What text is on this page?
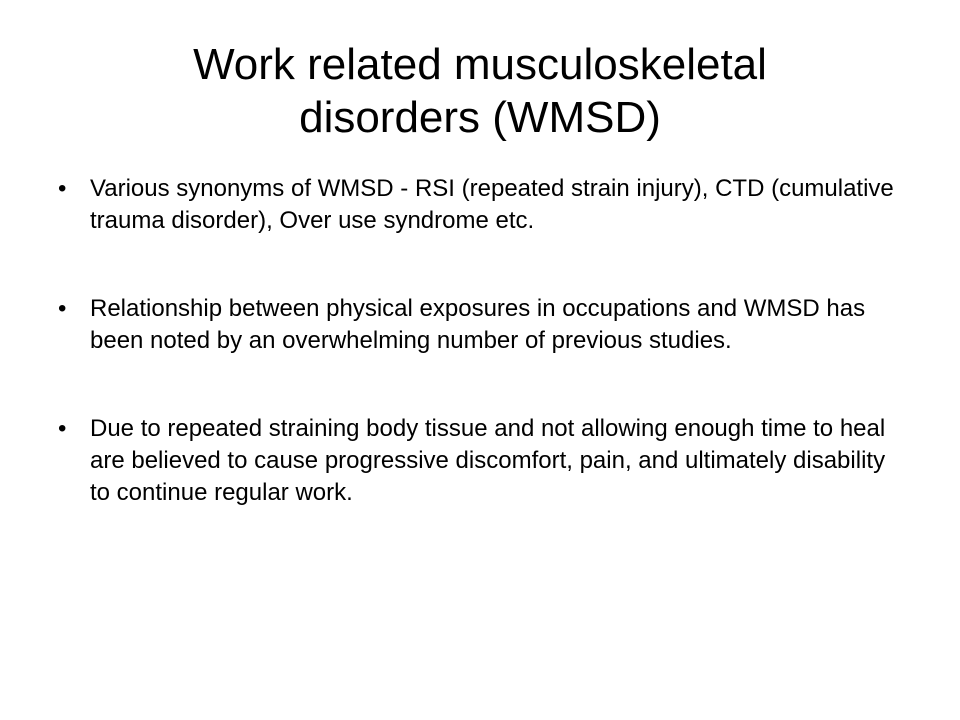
Work related musculoskeletal
disorders (WMSD)
• Various synonyms of WMSD - RSI (repeated strain injury), CTD (cumulative trauma disorder), Over use syndrome etc.
• Relationship between physical exposures in occupations and WMSD has been noted by an overwhelming number of previous studies.
• Due to repeated straining body tissue and not allowing enough time to heal are believed to cause progressive discomfort, pain, and ultimately disability to continue regular work.
